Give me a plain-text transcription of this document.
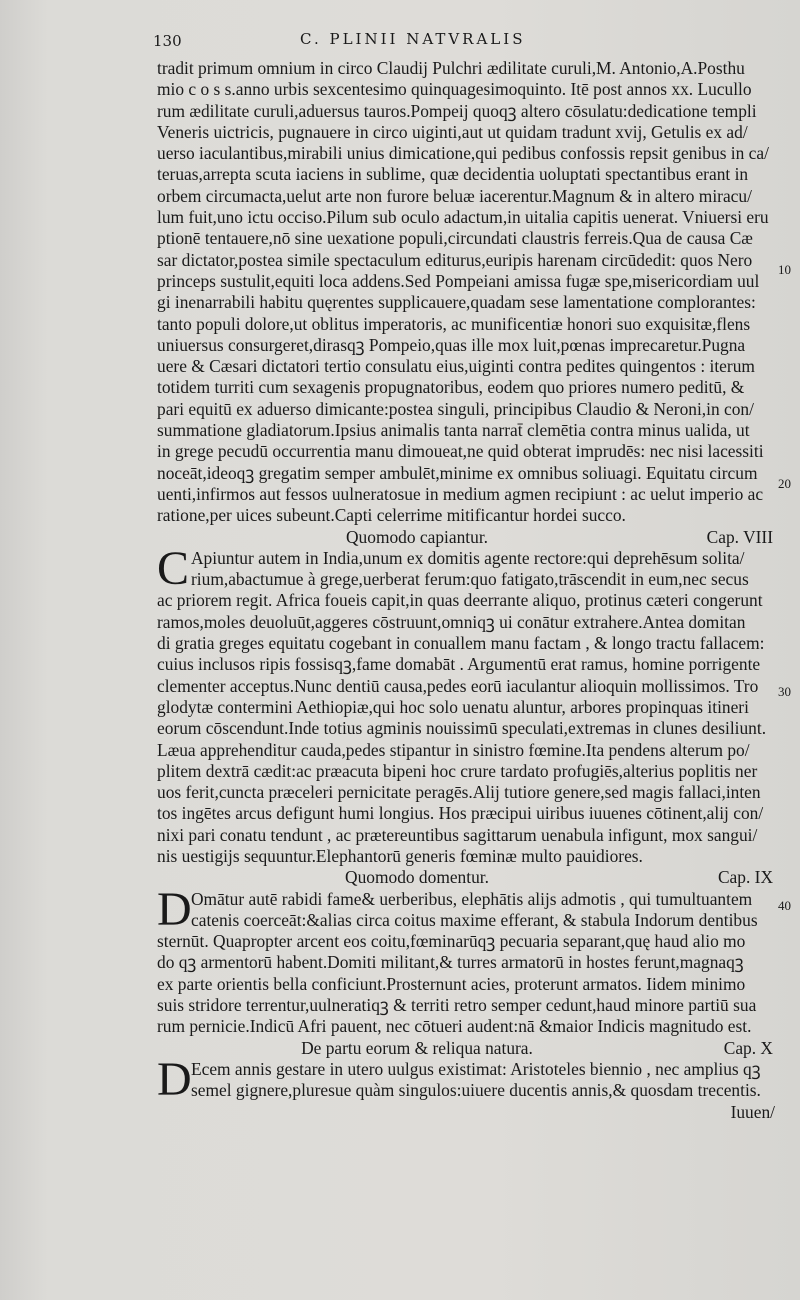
130	C. PLINII NATVRALIS
10
20
30
40
tradit primum omnium in circo Claudij Pulchri ædilitate curuli,M. Antonio,A.Posthu
mio c o s s.anno urbis sexcentesimo quinquagesimoquinto. Itē post annos xx. Lucullo
rum ædilitate curuli,aduersus tauros.Pompeij quoqꝫ altero cōsulatu:dedicatione templi
Veneris uictricis, pugnauere in circo uiginti,aut ut quidam tradunt xvij, Getulis ex ad/
uerso iaculantibus,mirabili unius dimicatione,qui pedibus confossis repsit genibus in ca/
teruas,arrepta scuta iaciens in sublime, quæ decidentia uoluptati spectantibus erant in
orbem circumacta,uelut arte non furore beluæ iacerentur.Magnum & in altero miracu/
lum fuit,uno ictu occiso.Pilum sub oculo adactum,in uitalia capitis uenerat. Vniuersi eru
ptionē tentauere,nō sine uexatione populi,circundati claustris ferreis.Qua de causa Cæ
sar dictator,postea simile spectaculum editurus,euripis harenam circūdedit: quos Nero
princeps sustulit,equiti loca addens.Sed Pompeiani amissa fugæ spe,misericordiam uul
gi inenarrabili habitu quęrentes supplicauere,quadam sese lamentatione complorantes:
tanto populi dolore,ut oblitus imperatoris, ac munificentiæ honori suo exquisitæ,flens
uniuersus consurgeret,dirasqꝫ Pompeio,quas ille mox luit,pœnas imprecaretur.Pugna
uere & Cæsari dictatori tertio consulatu eius,uiginti contra pedites quingentos : iterum
totidem turriti cum sexagenis propugnatoribus, eodem quo priores numero peditū, &
pari equitū ex aduerso dimicante:postea singuli, principibus Claudio & Neroni,in con/
summatione gladiatorum.Ipsius animalis tanta narrat̄ clemētia contra minus ualida, ut
in grege pecudū occurrentia manu dimoueat,ne quid obterat imprudēs: nec nisi lacessiti
noceāt,ideoqꝫ gregatim semper ambulēt,minime ex omnibus soliuagi. Equitatu circum
uenti,infirmos aut fessos uulneratosue in medium agmen recipiunt : ac uelut imperio ac
ratione,per uices subeunt.Capti celerrime mitificantur hordei succo.
Quomodo capiantur.	Cap. VIII
C Apiuntur autem in India,unum ex domitis agente rectore:qui deprehēsum solita/
rium,abactumue à grege,uerberat ferum:quo fatigato,trāscendit in eum,nec secus
ac priorem regit. Africa foueis capit,in quas deerrante aliquo, protinus cæteri congerunt
ramos,moles deuoluūt,aggeres cōstruunt,omniqꝫ ui conātur extrahere.Antea domitan
di gratia greges equitatu cogebant in conuallem manu factam , & longo tractu fallacem:
cuius inclusos ripis fossisqꝫ,fame domabāt . Argumentū erat ramus, homine porrigente
clementer acceptus.Nunc dentiū causa,pedes eorū iaculantur alioquin mollissimos. Tro
glodytæ contermini Aethiopiæ,qui hoc solo uenatu aluntur, arbores propinquas itineri
eorum cōscendunt.Inde totius agminis nouissimū speculati,extremas in clunes desiliunt.
Læua apprehenditur cauda,pedes stipantur in sinistro fœmine.Ita pendens alterum po/
plitem dextrā cædit:ac præacuta bipeni hoc crure tardato profugiēs,alterius poplitis ner
uos ferit,cuncta præceleri pernicitate peragēs.Alij tutiore genere,sed magis fallaci,inten
tos ingētes arcus defigunt humi longius. Hos præcipui uiribus iuuenes cōtinent,alij con/
nixi pari conatu tendunt , ac prætereuntibus sagittarum uenabula infigunt, mox sangui/
nis uestigijs sequuntur.Elephantorū generis fœminæ multo pauidiores.
Quomodo domentur.	Cap. IX
D Omātur autē rabidi fame& uerberibus, elephātis alijs admotis , qui tumultuantem
catenis coerceāt:&alias circa coitus maxime efferant, & stabula Indorum dentibus
sternūt. Quapropter arcent eos coitu,fœminarūqꝫ pecuaria separant,quę haud alio mo
do qꝫ armentorū habent.Domiti militant,& turres armatorū in hostes ferunt,magnaqꝫ
ex parte orientis bella conficiunt.Prosternunt acies, proterunt armatos. Iidem minimo
suis stridore terrentur,uulneratiqꝫ & territi retro semper cedunt,haud minore partiū sua
rum pernicie.Indicū Afri pauent, nec cōtueri audent:nā &maior Indicis magnitudo est.
De partu eorum & reliqua natura.	Cap. X
D Ecem annis gestare in utero uulgus existimat: Aristoteles biennio , nec amplius qꝫ
semel gignere,pluresue quàm singulos:uiuere ducentis annis,& quosdam trecentis.
Iuuen/
